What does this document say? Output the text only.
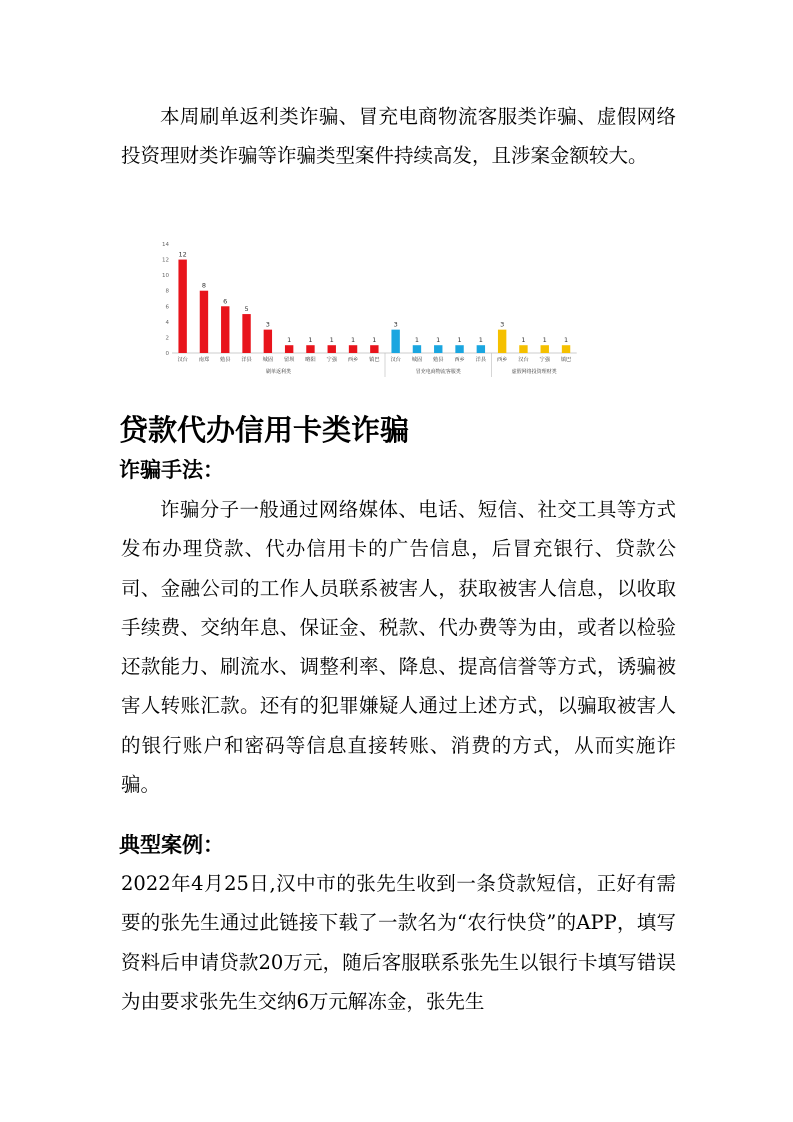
本周刷单返利类诈骗、冒充电商物流客服类诈骗、虚假网络投资理财类诈骗等诈骗类型案件持续高发，且涉案金额较大。

0
2
4
6
8
10
12
14
12
汉台
8
南郑
6
勉县
5
洋县
3
城固
1
留坝
1
略阳
1
宁强
1
西乡
1
镇巴
刷单返利类
3
汉台
1
城固
1
勉县
1
西乡
1
洋县
冒充电商物流客服类
3
西乡
1
汉台
1
宁强
1
镇巴
虚假网络投资理财类
贷款代办信用卡类诈骗
诈骗手法：

诈骗分子一般通过网络媒体、电话、短信、社交工具等方式发布办理贷款、代办信用卡的广告信息，后冒充银行、贷款公司、金融公司的工作人员联系被害人，获取被害人信息，以收取手续费、交纳年息、保证金、税款、代办费等为由，或者以检验还款能力、刷流水、调整利率、降息、提高信誉等方式，诱骗被害人转账汇款。还有的犯罪嫌疑人通过上述方式，以骗取被害人的银行账户和密码等信息直接转账、消费的方式，从而实施诈骗。

典型案例：

2022年4月25日,汉中市的张先生收到一条贷款短信，正好有需要的张先生通过此链接下载了一款名为“农行快贷”的APP，填写资料后申请贷款20万元，随后客服联系张先生以银行卡填写错误为由要求张先生交纳6万元解冻金，张先生
